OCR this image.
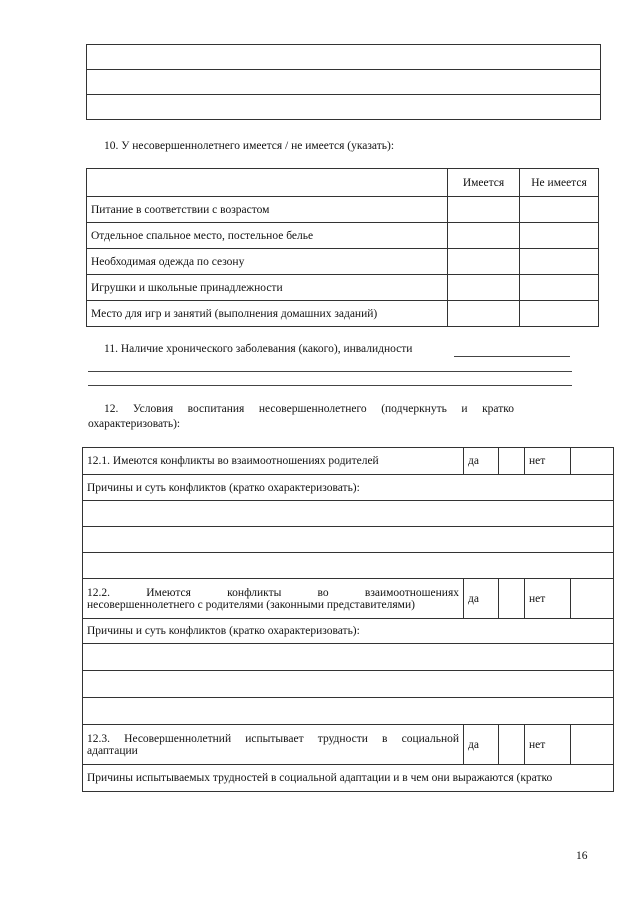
10. У несовершеннолетнего имеется / не имеется (указать):
	Имеется	Не имеется
Питание в соответствии с возрастом		
Отдельное спальное место, постельное белье		
Необходимая одежда по сезону		
Игрушки и школьные принадлежности		
Место для игр и занятий (выполнения домашних заданий)		
11. Наличие хронического заболевания (какого), инвалидности
12. Условия воспитания несовершеннолетнего (подчеркнуть и кратко
охарактеризовать):
12.1. Имеются конфликты во взаимоотношениях родителей	да		нет	
Причины и суть конфликтов (кратко охарактеризовать):				

12.2. Имеются конфликты во взаимоотношениях
несовершеннолетнего с родителями (законными представителями)	да		нет	
Причины и суть конфликтов (кратко охарактеризовать):				

12.3. Несовершеннолетний испытывает трудности в социальной
адаптации	да		нет	
Причины испытываемых трудностей в социальной адаптации и в чем они выражаются (кратко				
16
